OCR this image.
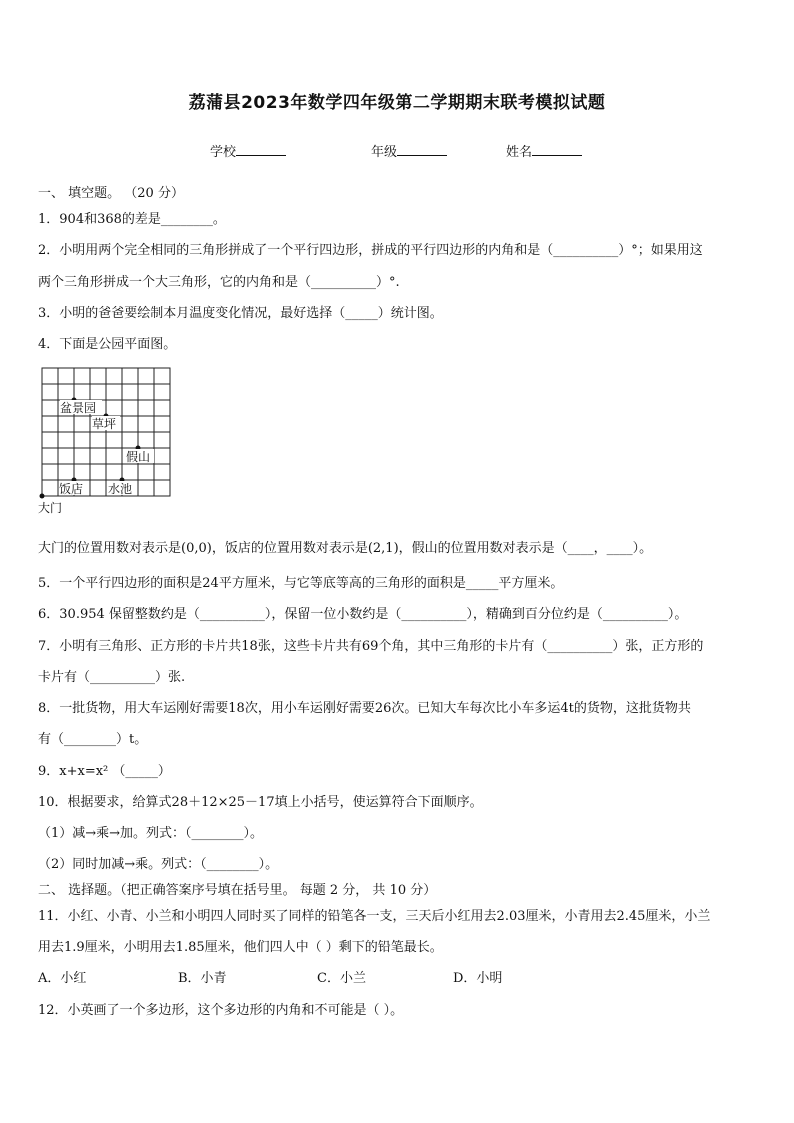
荔蒲县2023年数学四年级第二学期期末联考模拟试题
学校	年级	姓名
一、 填空题。 （20 分）
1．904和368的差是________。
2．小明用两个完全相同的三角形拼成了一个平行四边形，拼成的平行四边形的内角和是（__________）°；如果用这
两个三角形拼成一个大三角形，它的内角和是（__________）°.
3．小明的爸爸要绘制本月温度变化情况，最好选择（_____）统计图。
4．下面是公园平面图。
盆景园
草坪
假山
饭店 水池
大门
大门的位置用数对表示是(0,0)，饭店的位置用数对表示是(2,1)，假山的位置用数对表示是（____，____）。
5．一个平行四边形的面积是24平方厘米，与它等底等高的三角形的面积是_____平方厘米。
6．30.954 保留整数约是（__________），保留一位小数约是（__________），精确到百分位约是（__________）。
7．小明有三角形、正方形的卡片共18张，这些卡片共有69个角，其中三角形的卡片有（__________）张，正方形的
卡片有（__________）张.
8．一批货物，用大车运刚好需要18次，用小车运刚好需要26次。已知大车每次比小车多运4t的货物，这批货物共
有（________）t。
9．x+x=x² （_____）
10．根据要求，给算式28＋12×25－17填上小括号，使运算符合下面顺序。
（1）减→乘→加。列式：（________）。
（2）同时加减→乘。列式：（________）。
二、 选择题。（把正确答案序号填在括号里。 每题 2 分， 共 10 分）
11．小红、小青、小兰和小明四人同时买了同样的铅笔各一支，三天后小红用去2.03厘米，小青用去2.45厘米，小兰
用去1.9厘米，小明用去1.85厘米，他们四人中（ ）剩下的铅笔最长。
A．小红	B．小青	C．小兰	D．小明
12．小英画了一个多边形，这个多边形的内角和不可能是（ ）。
